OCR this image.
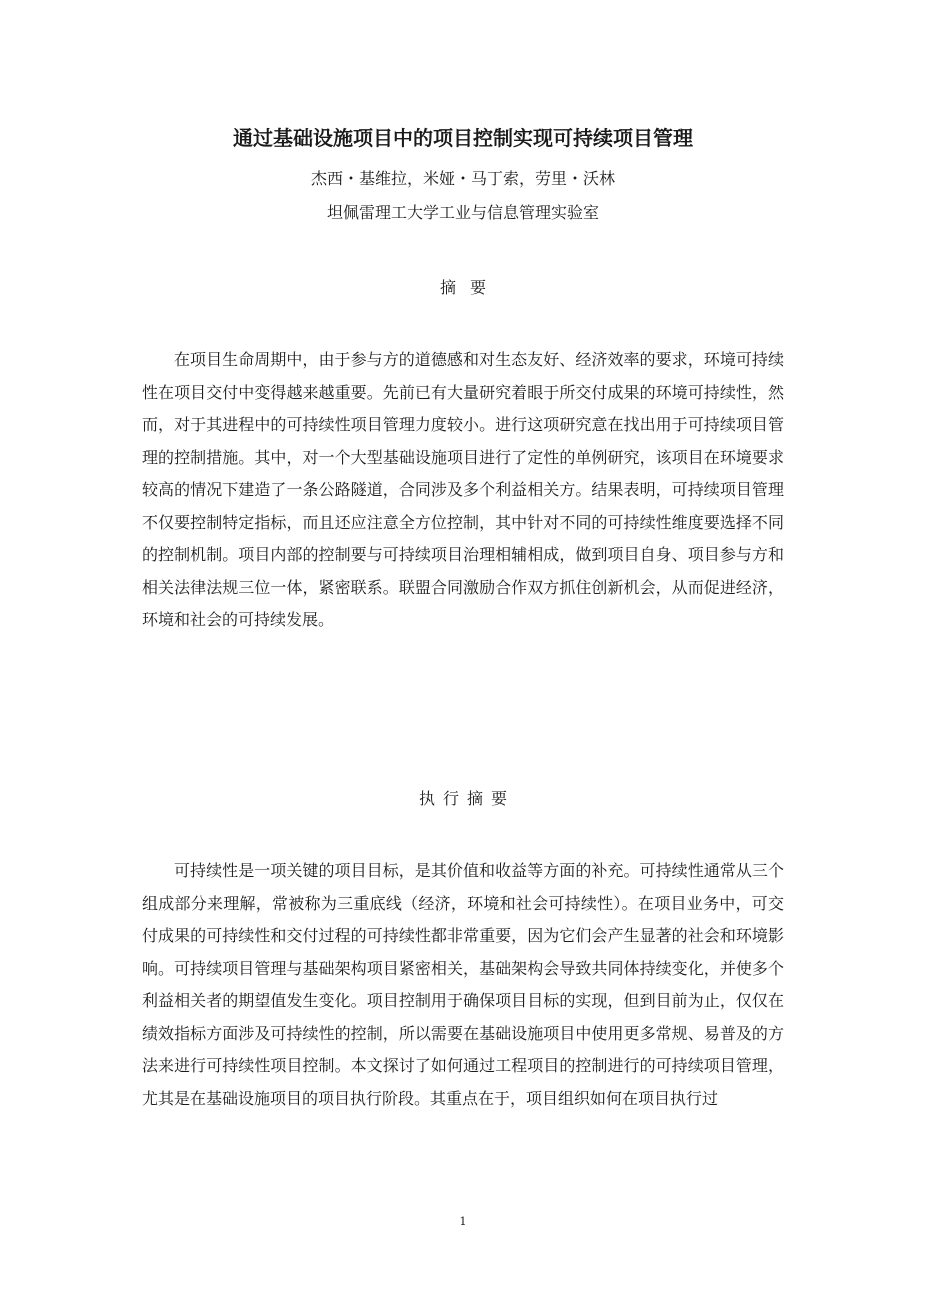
通过基础设施项目中的项目控制实现可持续项目管理
杰西・基维拉，米娅・马丁索，劳里・沃林
坦佩雷理工大学工业与信息管理实验室
摘要

在项目生命周期中，由于参与方的道德感和对生态友好、经济效率的要求，环境可持续性在项目交付中变得越来越重要。先前已有大量研究着眼于所交付成果的环境可持续性，然而，对于其进程中的可持续性项目管理力度较小。进行这项研究意在找出用于可持续项目管理的控制措施。其中，对一个大型基础设施项目进行了定性的单例研究，该项目在环境要求较高的情况下建造了一条公路隧道，合同涉及多个利益相关方。结果表明，可持续项目管理不仅要控制特定指标，而且还应注意全方位控制，其中针对不同的可持续性维度要选择不同的控制机制。项目内部的控制要与可持续项目治理相辅相成，做到项目自身、项目参与方和相关法律法规三位一体，紧密联系。联盟合同激励合作双方抓住创新机会，从而促进经济，环境和社会的可持续发展。

执行摘要

可持续性是一项关键的项目目标，是其价值和收益等方面的补充。可持续性通常从三个组成部分来理解，常被称为三重底线（经济，环境和社会可持续性）。在项目业务中，可交付成果的可持续性和交付过程的可持续性都非常重要，因为它们会产生显著的社会和环境影响。可持续项目管理与基础架构项目紧密相关，基础架构会导致共同体持续变化，并使多个利益相关者的期望值发生变化。项目控制用于确保项目目标的实现，但到目前为止，仅仅在绩效指标方面涉及可持续性的控制，所以需要在基础设施项目中使用更多常规、易普及的方法来进行可持续性项目控制。本文探讨了如何通过工程项目的控制进行的可持续项目管理，尤其是在基础设施项目的项目执行阶段。其重点在于，项目组织如何在项目执行过

1
